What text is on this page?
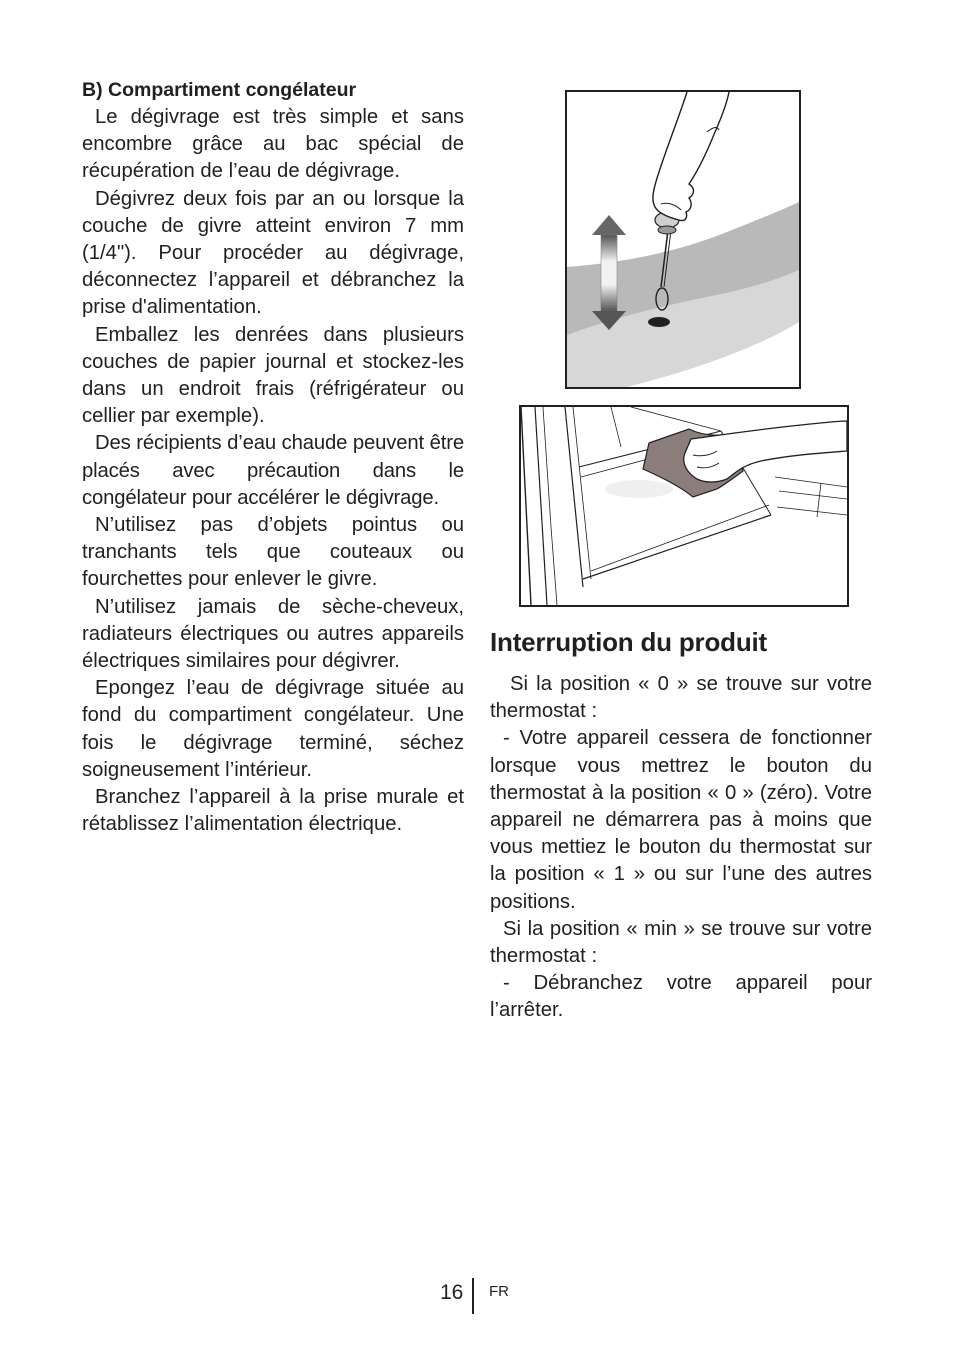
B) Compartiment congélateur

Le dégivrage est très simple et sans encombre grâce au bac spécial de récupération de l’eau de dégivrage.

Dégivrez deux fois par an ou lorsque la couche de givre atteint environ 7 mm (1/4"). Pour procéder au dégivrage, déconnectez l’appareil et débranchez la prise d'alimentation.

Emballez les denrées dans plusieurs couches de papier journal et stockez-les dans un endroit frais (réfrigérateur ou cellier par exemple).

Des récipients d’eau chaude peuvent être placés avec précaution dans le congélateur pour accélérer le dégivrage.

N’utilisez pas d’objets pointus ou tranchants tels que couteaux ou fourchettes pour enlever le givre.

N’utilisez jamais de sèche-cheveux, radiateurs électriques ou autres appareils électriques similaires pour dégivrer.

Epongez l’eau de dégivrage située au fond du compartiment congélateur. Une fois le dégivrage terminé, séchez soigneusement l’intérieur.

Branchez l’appareil à la prise murale et rétablissez l’alimentation électrique.

Interruption du produit

Si la position « 0 » se trouve sur votre thermostat :

- Votre appareil cessera de fonctionner lorsque vous mettrez le bouton du thermostat à la position « 0 » (zéro). Votre appareil ne démarrera pas à moins que vous mettiez le bouton du thermostat sur la position « 1 » ou sur l’une des autres positions.

Si la position « min » se trouve sur votre thermostat :

- Débranchez votre appareil pour l’arrêter.

16 FR
